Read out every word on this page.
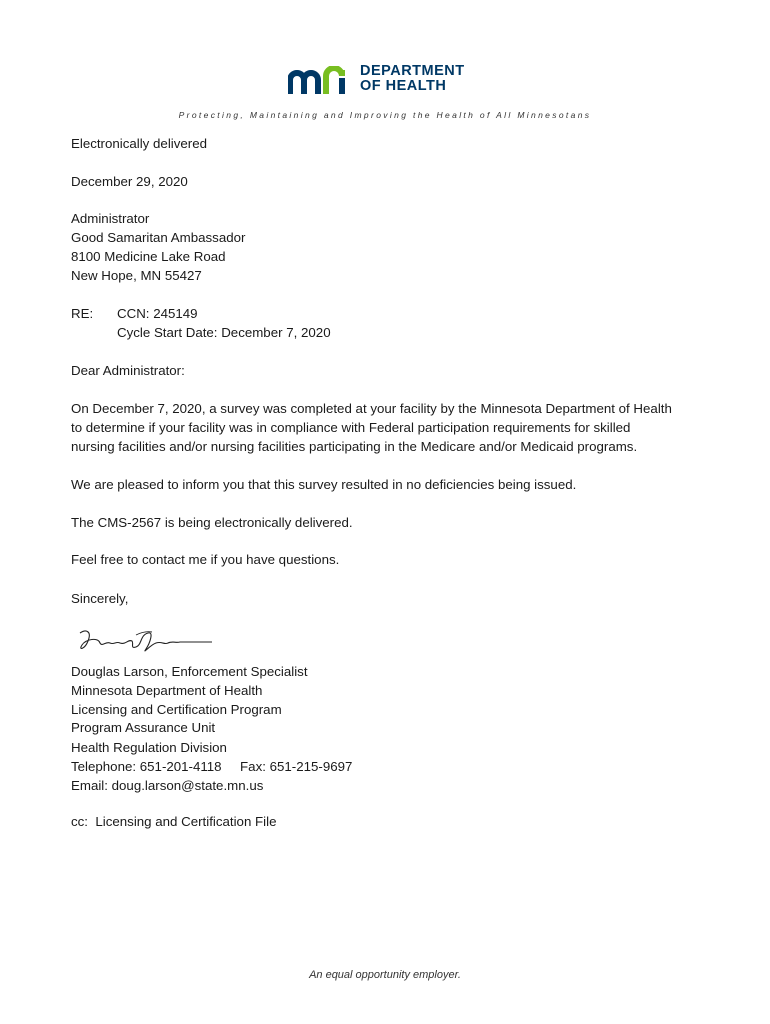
DEPARTMENT
OF HEALTH
Protecting, Maintaining and Improving the Health of All Minnesotans
Electronically delivered
December 29, 2020
Administrator
Good Samaritan Ambassador
8100 Medicine Lake Road
New Hope, MN 55427
RE: CCN: 245149
Cycle Start Date: December 7, 2020
Dear Administrator:
On December 7, 2020, a survey was completed at your facility by the Minnesota Department of Health
to determine if your facility was in compliance with Federal participation requirements for skilled
nursing facilities and/or nursing facilities participating in the Medicare and/or Medicaid programs.
We are pleased to inform you that this survey resulted in no deficiencies being issued.
The CMS-2567 is being electronically delivered.
Feel free to contact me if you have questions.
Sincerely,
Douglas Larson, Enforcement Specialist
Minnesota Department of Health
Licensing and Certification Program
Program Assurance Unit
Health Regulation Division
Telephone: 651-201-4118     Fax: 651-215-9697
Email: doug.larson@state.mn.us
cc:  Licensing and Certification File
An equal opportunity employer.
